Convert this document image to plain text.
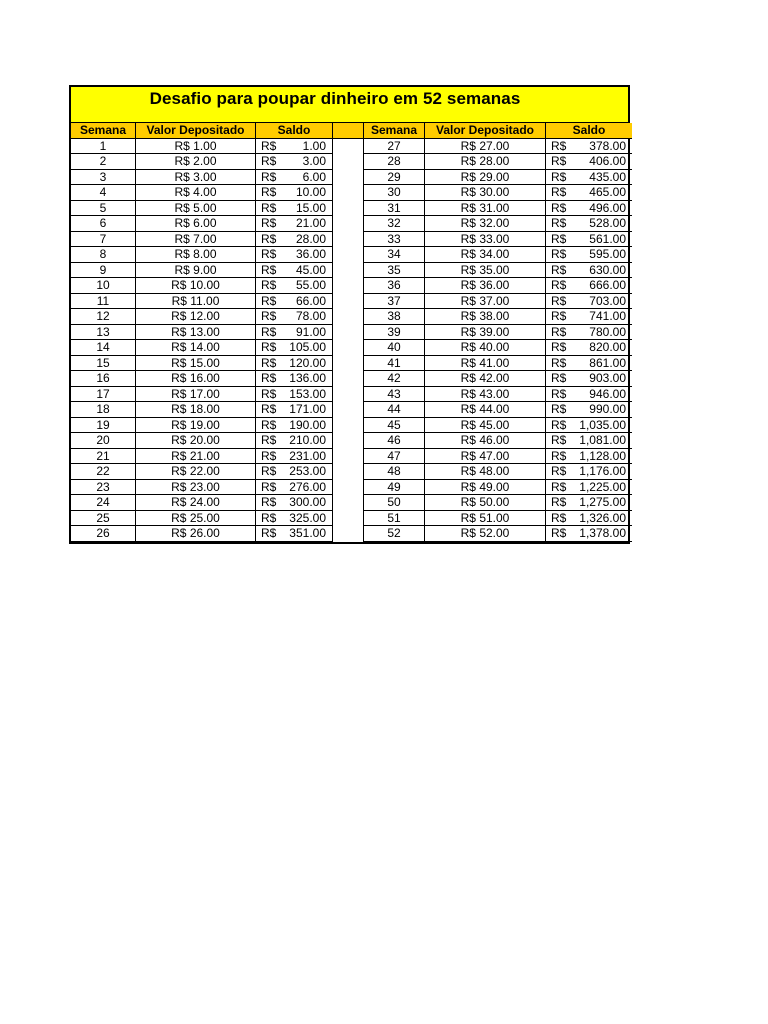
Desafio para poupar dinheiro em 52 semanas
Semana	Valor Depositado	Saldo	Semana	Valor Depositado	Saldo
1	R$ 1.00	R$ 1.00	27	R$ 27.00	R$ 378.00
2	R$ 2.00	R$ 3.00	28	R$ 28.00	R$ 406.00
3	R$ 3.00	R$ 6.00	29	R$ 29.00	R$ 435.00
4	R$ 4.00	R$ 10.00	30	R$ 30.00	R$ 465.00
5	R$ 5.00	R$ 15.00	31	R$ 31.00	R$ 496.00
6	R$ 6.00	R$ 21.00	32	R$ 32.00	R$ 528.00
7	R$ 7.00	R$ 28.00	33	R$ 33.00	R$ 561.00
8	R$ 8.00	R$ 36.00	34	R$ 34.00	R$ 595.00
9	R$ 9.00	R$ 45.00	35	R$ 35.00	R$ 630.00
10	R$ 10.00	R$ 55.00	36	R$ 36.00	R$ 666.00
11	R$ 11.00	R$ 66.00	37	R$ 37.00	R$ 703.00
12	R$ 12.00	R$ 78.00	38	R$ 38.00	R$ 741.00
13	R$ 13.00	R$ 91.00	39	R$ 39.00	R$ 780.00
14	R$ 14.00	R$ 105.00	40	R$ 40.00	R$ 820.00
15	R$ 15.00	R$ 120.00	41	R$ 41.00	R$ 861.00
16	R$ 16.00	R$ 136.00	42	R$ 42.00	R$ 903.00
17	R$ 17.00	R$ 153.00	43	R$ 43.00	R$ 946.00
18	R$ 18.00	R$ 171.00	44	R$ 44.00	R$ 990.00
19	R$ 19.00	R$ 190.00	45	R$ 45.00	R$ 1,035.00
20	R$ 20.00	R$ 210.00	46	R$ 46.00	R$ 1,081.00
21	R$ 21.00	R$ 231.00	47	R$ 47.00	R$ 1,128.00
22	R$ 22.00	R$ 253.00	48	R$ 48.00	R$ 1,176.00
23	R$ 23.00	R$ 276.00	49	R$ 49.00	R$ 1,225.00
24	R$ 24.00	R$ 300.00	50	R$ 50.00	R$ 1,275.00
25	R$ 25.00	R$ 325.00	51	R$ 51.00	R$ 1,326.00
26	R$ 26.00	R$ 351.00	52	R$ 52.00	R$ 1,378.00
